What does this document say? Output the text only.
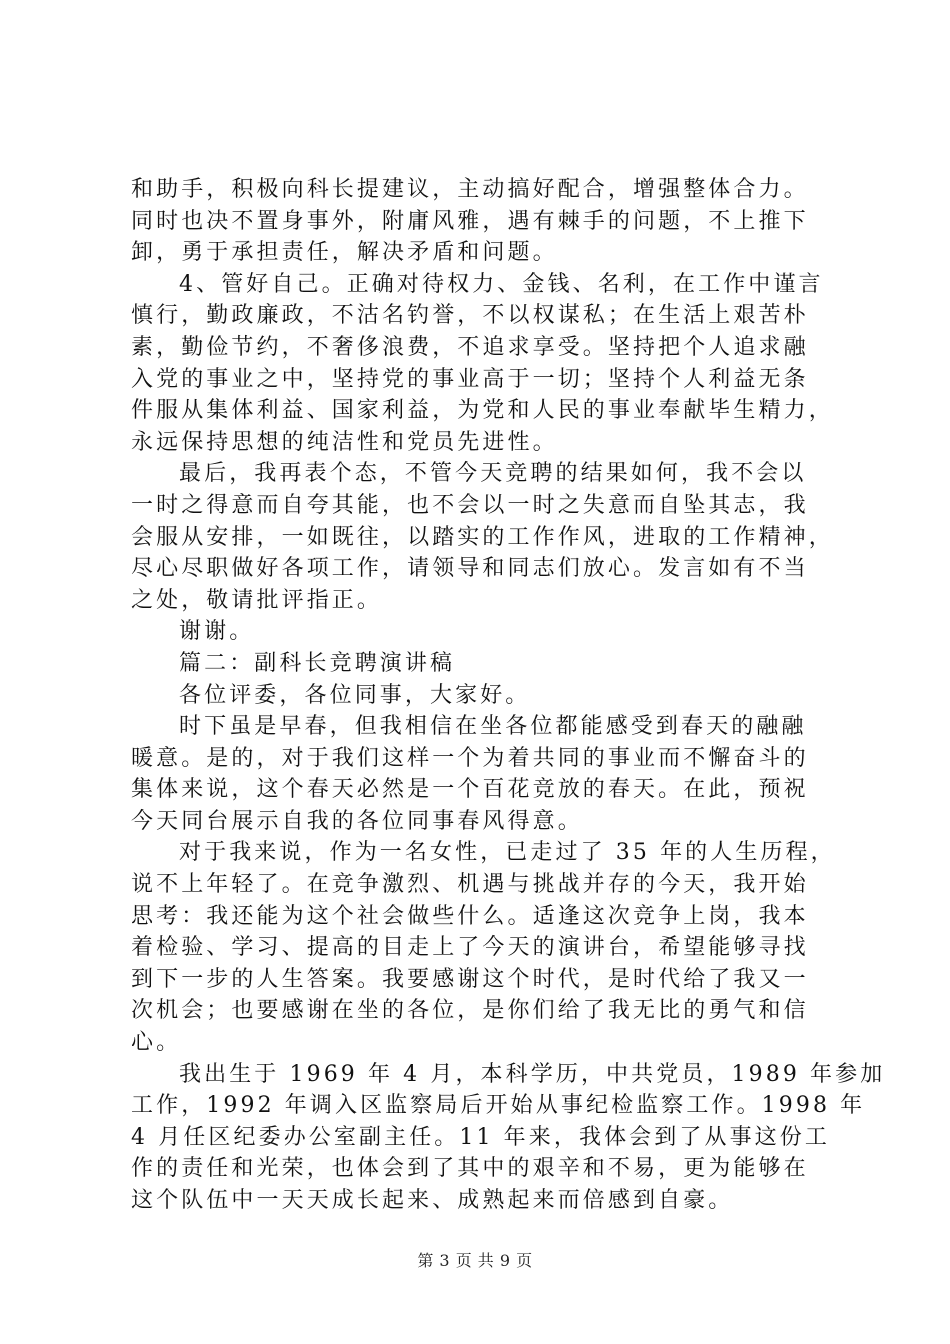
和助手，积极向科长提建议，主动搞好配合，增强整体合力。
同时也决不置身事外，附庸风雅，遇有棘手的问题，不上推下
卸，勇于承担责任，解决矛盾和问题。
4、管好自己。正确对待权力、金钱、名利，在工作中谨言
慎行，勤政廉政，不沽名钓誉，不以权谋私；在生活上艰苦朴
素，勤俭节约，不奢侈浪费，不追求享受。坚持把个人追求融
入党的事业之中，坚持党的事业高于一切；坚持个人利益无条
件服从集体利益、国家利益，为党和人民的事业奉献毕生精力，
永远保持思想的纯洁性和党员先进性。
最后，我再表个态，不管今天竞聘的结果如何，我不会以
一时之得意而自夸其能，也不会以一时之失意而自坠其志，我
会服从安排，一如既往，以踏实的工作作风，进取的工作精神，
尽心尽职做好各项工作，请领导和同志们放心。发言如有不当
之处，敬请批评指正。
谢谢。
篇二：副科长竞聘演讲稿
各位评委，各位同事，大家好。
时下虽是早春，但我相信在坐各位都能感受到春天的融融
暖意。是的，对于我们这样一个为着共同的事业而不懈奋斗的
集体来说，这个春天必然是一个百花竞放的春天。在此，预祝
今天同台展示自我的各位同事春风得意。
对于我来说，作为一名女性，已走过了 35 年的人生历程，
说不上年轻了。在竞争激烈、机遇与挑战并存的今天，我开始
思考：我还能为这个社会做些什么。适逢这次竞争上岗，我本
着检验、学习、提高的目走上了今天的演讲台，希望能够寻找
到下一步的人生答案。我要感谢这个时代，是时代给了我又一
次机会；也要感谢在坐的各位，是你们给了我无比的勇气和信
心。
我出生于 1969 年 4 月，本科学历，中共党员，1989 年参加
工作，1992 年调入区监察局后开始从事纪检监察工作。1998 年
4 月任区纪委办公室副主任。11 年来，我体会到了从事这份工
作的责任和光荣，也体会到了其中的艰辛和不易，更为能够在
这个队伍中一天天成长起来、成熟起来而倍感到自豪。
第 3 页 共 9 页
